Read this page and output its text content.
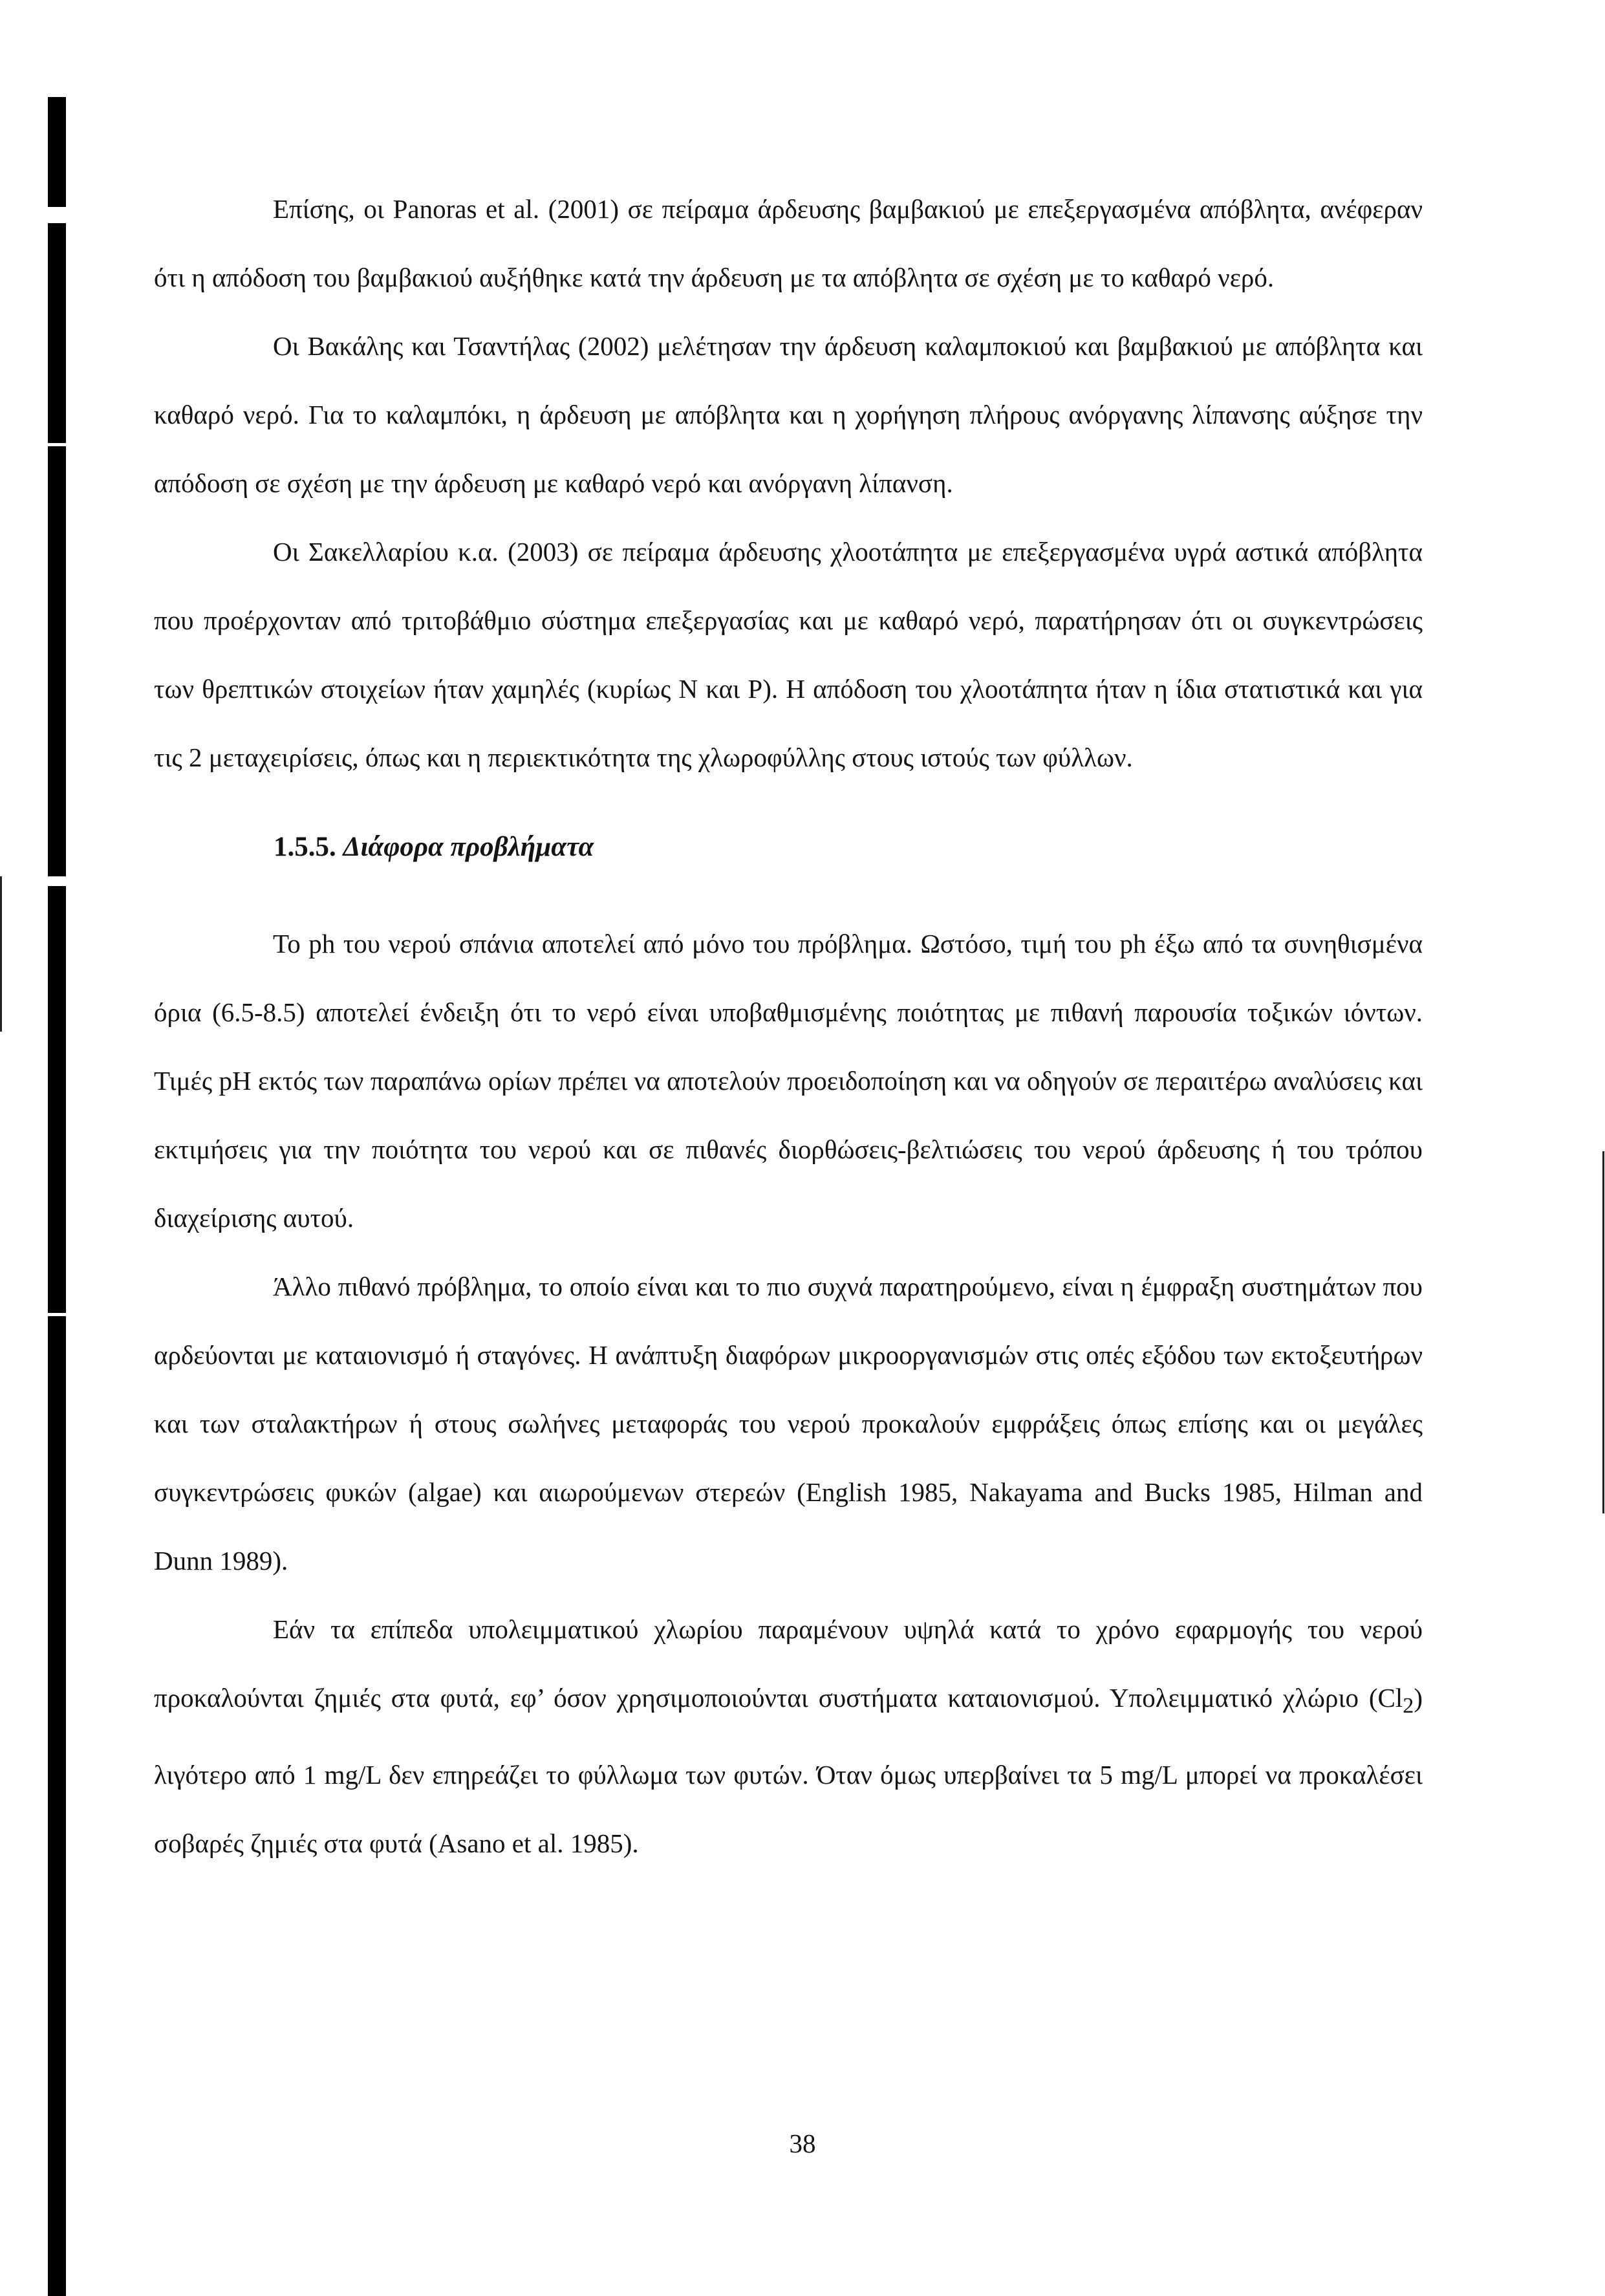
Επίσης, οι Panoras et al. (2001) σε πείραμα άρδευσης βαμβακιού με επεξεργασμένα απόβλητα, ανέφεραν ότι η απόδοση του βαμβακιού αυξήθηκε κατά την άρδευση με τα απόβλητα σε σχέση με το καθαρό νερό.

Οι Βακάλης και Τσαντήλας (2002) μελέτησαν την άρδευση καλαμποκιού και βαμβακιού με απόβλητα και καθαρό νερό. Για το καλαμπόκι, η άρδευση με απόβλητα και η χορήγηση πλήρους ανόργανης λίπανσης αύξησε την απόδοση σε σχέση με την άρδευση με καθαρό νερό και ανόργανη λίπανση.

Οι Σακελλαρίου κ.α. (2003) σε πείραμα άρδευσης χλοοτάπητα με επεξεργασμένα υγρά αστικά απόβλητα που προέρχονταν από τριτοβάθμιο σύστημα επεξεργασίας και με καθαρό νερό, παρατήρησαν ότι οι συγκεντρώσεις των θρεπτικών στοιχείων ήταν χαμηλές (κυρίως N και P). Η απόδοση του χλοοτάπητα ήταν η ίδια στατιστικά και για τις 2 μεταχειρίσεις, όπως και η περιεκτικότητα της χλωροφύλλης στους ιστούς των φύλλων.

1.5.5. Διάφορα προβλήματα

Το ph του νερού σπάνια αποτελεί από μόνο του πρόβλημα. Ωστόσο, τιμή του ph έξω από τα συνηθισμένα όρια (6.5-8.5) αποτελεί ένδειξη ότι το νερό είναι υποβαθμισμένης ποιότητας με πιθανή παρουσία τοξικών ιόντων. Τιμές pH εκτός των παραπάνω ορίων πρέπει να αποτελούν προειδοποίηση και να οδηγούν σε περαιτέρω αναλύσεις και εκτιμήσεις για την ποιότητα του νερού και σε πιθανές διορθώσεις-βελτιώσεις του νερού άρδευσης ή του τρόπου διαχείρισης αυτού.

Άλλο πιθανό πρόβλημα, το οποίο είναι και το πιο συχνά παρατηρούμενο, είναι η έμφραξη συστημάτων που αρδεύονται με καταιονισμό ή σταγόνες. Η ανάπτυξη διαφόρων μικροοργανισμών στις οπές εξόδου των εκτοξευτήρων και των σταλακτήρων ή στους σωλήνες μεταφοράς του νερού προκαλούν εμφράξεις όπως επίσης και οι μεγάλες συγκεντρώσεις φυκών (algae) και αιωρούμενων στερεών (English 1985, Nakayama and Bucks 1985, Hilman and Dunn 1989).

Εάν τα επίπεδα υπολειμματικού χλωρίου παραμένουν υψηλά κατά το χρόνο εφαρμογής του νερού προκαλούνται ζημιές στα φυτά, εφ’ όσον χρησιμοποιούνται συστήματα καταιονισμού. Υπολειμματικό χλώριο $(Cl_2)$ λιγότερο από 1 mg/L δεν επηρεάζει το φύλλωμα των φυτών. Όταν όμως υπερβαίνει τα 5 mg/L μπορεί να προκαλέσει σοβαρές ζημιές στα φυτά (Asano et al. 1985).

38
